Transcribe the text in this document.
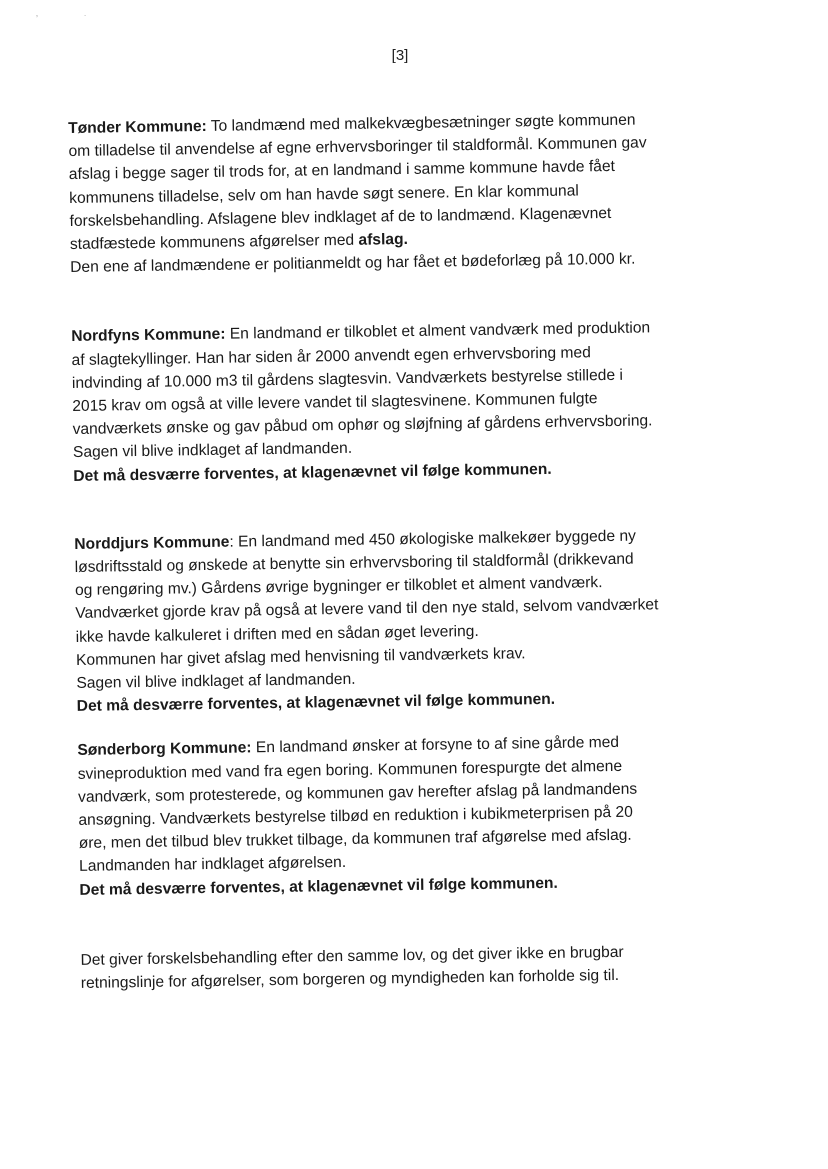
ʼ	˙
[3]
Tønder Kommune: To landmænd med malkekvægbesætninger søgte kommunen
om tilladelse til anvendelse af egne erhvervsboringer til staldformål. Kommunen gav
afslag i begge sager til trods for, at en landmand i samme kommune havde fået
kommunens tilladelse, selv om han havde søgt senere. En klar kommunal
forskelsbehandling. Afslagene blev indklaget af de to landmænd. Klagenævnet
stadfæstede kommunens afgørelser med afslag.
Den ene af landmændene er politianmeldt og har fået et bødeforlæg på 10.000 kr.
Nordfyns Kommune: En landmand er tilkoblet et alment vandværk med produktion
af slagtekyllinger. Han har siden år 2000 anvendt egen erhvervsboring med
indvinding af 10.000 m3 til gårdens slagtesvin. Vandværkets bestyrelse stillede i
2015 krav om også at ville levere vandet til slagtesvinene. Kommunen fulgte
vandværkets ønske og gav påbud om ophør og sløjfning af gårdens erhvervsboring.
Sagen vil blive indklaget af landmanden.
Det må desværre forventes, at klagenævnet vil følge kommunen.
Norddjurs Kommune: En landmand med 450 økologiske malkekøer byggede ny
løsdriftsstald og ønskede at benytte sin erhvervsboring til staldformål (drikkevand
og rengøring mv.) Gårdens øvrige bygninger er tilkoblet et alment vandværk.
Vandværket gjorde krav på også at levere vand til den nye stald, selvom vandværket
ikke havde kalkuleret i driften med en sådan øget levering.
Kommunen har givet afslag med henvisning til vandværkets krav.
Sagen vil blive indklaget af landmanden.
Det må desværre forventes, at klagenævnet vil følge kommunen.
Sønderborg Kommune: En landmand ønsker at forsyne to af sine gårde med
svineproduktion med vand fra egen boring. Kommunen forespurgte det almene
vandværk, som protesterede, og kommunen gav herefter afslag på landmandens
ansøgning. Vandværkets bestyrelse tilbød en reduktion i kubikmeterprisen på 20
øre, men det tilbud blev trukket tilbage, da kommunen traf afgørelse med afslag.
Landmanden har indklaget afgørelsen.
Det må desværre forventes, at klagenævnet vil følge kommunen.
Det giver forskelsbehandling efter den samme lov, og det giver ikke en brugbar
retningslinje for afgørelser, som borgeren og myndigheden kan forholde sig til.
